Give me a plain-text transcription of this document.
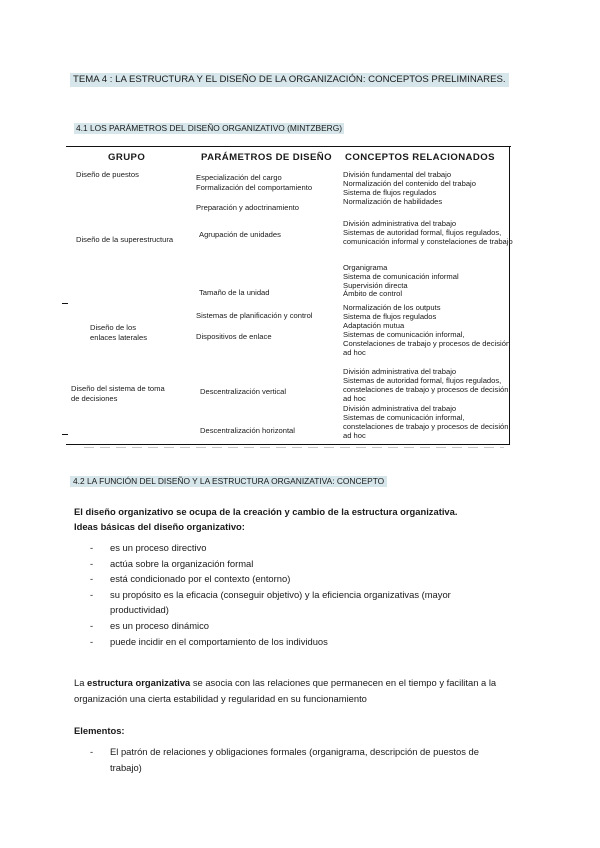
TEMA 4 : LA ESTRUCTURA Y EL DISEÑO DE LA ORGANIZACIÓN: CONCEPTOS PRELIMINARES.
4.1 LOS PARÁMETROS DEL DISEÑO ORGANIZATIVO (MINTZBERG)
GRUPO	PARÁMETROS DE DISEÑO CONCEPTOS RELACIONADOS
Diseño de puestos	Especialización del cargo
Formalización del comportamiento
Preparación y adoctrinamiento
División fundamental del trabajo
Normalización del contenido del trabajo
Sistema de flujos regulados
Normalización de habilidades
Diseño de la superestructura
Agrupación de unidades
Tamaño de la unidad
División administrativa del trabajo
Sistemas de autoridad formal, flujos regulados, comunicación informal y constelaciones de trabajo
Organigrama
Sistema de comunicación informal
Supervisión directa
Ámbito de control
Diseño de los
enlaces laterales
Sistemas de planificación y control
Dispositivos de enlace
Normalización de los outputs
Sistema de flujos regulados
Adaptación mutua
Sistemas de comunicación informal,
Constelaciones de trabajo y procesos de decisión ad hoc
Diseño del sistema de toma
de decisiones
Descentralización vertical
Descentralización horizontal
División administrativa del trabajo
Sistemas de autoridad formal, flujos regulados, constelaciones de trabajo y procesos de decisión ad hoc
División administrativa del trabajo
Sistemas de comunicación informal, constelaciones de trabajo y procesos de decisión ad hoc
4.2 LA FUNCIÓN DEL DISEÑO Y LA ESTRUCTURA ORGANIZATIVA: CONCEPTO
El diseño organizativo se ocupa de la creación y cambio de la estructura organizativa.
Ideas básicas del diseño organizativo:
- es un proceso directivo
- actúa sobre la organización formal
- está condicionado por el contexto (entorno)
- su propósito es la eficacia (conseguir objetivo) y la eficiencia organizativas (mayor productividad)
- es un proceso dinámico
- puede incidir en el comportamiento de los individuos
La estructura organizativa se asocia con las relaciones que permanecen en el tiempo y facilitan a la organización una cierta estabilidad y regularidad en su funcionamiento
Elementos:
- El patrón de relaciones y obligaciones formales (organigrama, descripción de puestos de trabajo)
